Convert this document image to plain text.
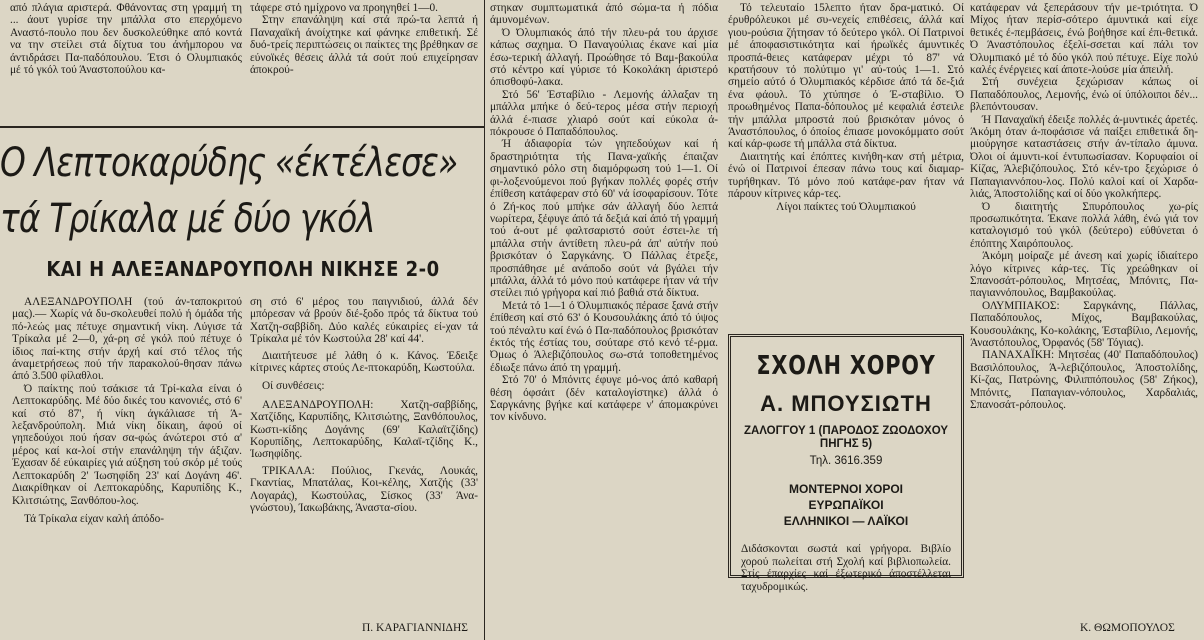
από πλάγια αριστερά. Φθάνοντας στη γραμμή τη ... άουτ γυρίσε την μπάλλα στο επερχόμενο Αναστό-πουλο που δεν δυσκολεύθηκε από κοντά να την στείλει στά δίχτυα του άνήμπορου να άντιδράσει Πα-παδόπουλου. Έτσι ό Ολυμπιακός μέ τό γκόλ τού Άναστοπούλου κα-

τάφερε στό ημίχρονο να προηγηθεί 1—0.

Στην επανάληψη καί στά πρώ-τα λεπτά ή Παναχαϊκή άνοίχτηκε καί φάνηκε επιθετική. Σέ δυό-τρείς περιπτώσεις οι παίκτες της βρέθηκαν σε εύνοϊκές θέσεις άλλά τά σούτ πού επιχείρησαν άποκρού-

Ο Λεπτοκαρύδης «έκτέλεσε»
τά Τρίκαλα μέ δύο γκόλ
ΚΑΙ Η ΑΛΕΞΑΝΔΡΟΥΠΟΛΗ ΝΙΚΗΣΕ 2-0

ΑΛΕΞΑΝΔΡΟΥΠΟΛΗ (τού άν-ταποκριτού μας).— Χωρίς νά δυ-σκολευθεί πολύ ή όμάδα τής πό-λεώς μας πέτυχε σημαντική νίκη. Λύγισε τά Τρίκαλα μέ 2—0, χά-ρη σέ γκόλ πού πέτυχε ό ίδιος παί-κτης στήν άρχή καί στό τέλος τής άναμετρήσεως πού τήν παρακολού-θησαν πάνω άπό 3.500 φίλαθλοι.

Ό παίκτης πού τσάκισε τά Τρί-καλα είναι ό Λεπτοκαρύδης. Μέ δύο δικές του κανονιές, στό 6' καί στό 87', ή νίκη άγκάλιασε τή Ά-λεξανδρούπολη. Μιά νίκη δίκαιη, άφού οί γηπεδούχοι πού ήσαν σα-φώς άνώτεροι στό α' μέρος καί κα-λοί στήν επανάληψη τήν άξιζαν. Έχασαν δέ εύκαιρίες γιά αύξηση τού σκόρ μέ τούς Λεπτοκαρύδη 2' Ίωσηφίδη 23' καί Δογάνη 46'. Διακρίθηκαν οί Λεπτοκαρύδης, Καρυπίδης Κ., Κλιτσιώτης, Ξανθόπου-λος.

Τά Τρίκαλα είχαν καλή άπόδο-

ση στό 6' μέρος του παιγνιδιού, άλλά δέν μπόρεσαν νά βρούν διέ-ξοδο πρός τά δίκτυα τού Χατζη-σαββίδη. Δύο καλές εύκαιρίες εί-χαν τά Τρίκαλα μέ τόν Κωστούλα 28' καί 44'.

Διαιτήτευσε μέ λάθη ό κ. Κάνος. Έδειξε κίτρινες κάρτες στούς Λε-πτοκαρύδη, Κωστούλα.

Οί συνθέσεις:

ΑΛΕΞΑΝΔΡΟΥΠΟΛΗ: Χατζη-σαββίδης, Χατζίδης, Καρυπίδης, Κλιτσιώτης, Ξανθόπουλος, Κωστι-κίδης Δογάνης (69' Καλαϊτζίδης) Κορυπίδης, Λεπτοκαρύδης, Καλαϊ-τζίδης Κ., Ίωσηφίδης.

ΤΡΙΚΑΛΑ: Πούλιος, Γκενάς, Λουκάς, Γκαντίας, Μπατάλας, Κοι-κέλης, Χατζής (33' Λογαράς), Κωστούλας, Σίσκος (33' Άνα-γνώστου), Ίακωβάκης, Άναστα-σίου.

Π. ΚΑΡΑΓΙΑΝΝΙΔΗΣ

στηκαν συμπτωματικά άπό σώμα-τα ή πόδια άμυνομένων.

Ό Όλυμπιακός άπό τήν πλευ-ρά του άρχισε κάπως σαχημα. Ό Παναγούλιας έκανε καί μία έσω-τερική άλλαγή. Προώθησε τό Βαμ-βακούλα στό κέντρο καί γύρισε τό Κοκολάκη άριστερό όπισθοφύ-λακα.

Στό 56' Έσταβίλιο - Λεμονής άλλαξαν τη μπάλλα μπήκε ό δεύ-τερος μέσα στήν περιοχή άλλά έ-πιασε χλιαρό σούτ καί εύκολα ά-πόκρουσε ό Παπαδόπουλος.

Ή άδιαφορία τών γηπεδούχων καί ή δραστηριότητα τής Πανα-χαϊκής έπαιζαν σημαντικό ρόλο στη διαμόρφωση τού 1—1. Οί φι-λοξενούμενοι πού βγήκαν πολλές φορές στήν έπίθεση κατάφεραν στό 60' νά ίσοφαρίσουν. Τότε ό Ζή-κος πού μπήκε σάν άλλαγή δύο λεπτά νωρίτερα, ξέφυγε άπό τά δεξιά καί άπό τή γραμμή τού ά-ουτ μέ φαλτσαριστό σούτ έστει-λε τή μπάλλα στήν άντίθετη πλευ-ρά άπ' αύτήν πού βρισκόταν ό Σαργκάνης. Ό Πάλλας έτρεξε, προσπάθησε μέ ανάποδο σούτ νά βγάλει τήν μπάλλα, άλλά τό μόνο πού κατάφερε ήταν νά τήν στείλει πιό γρήγορα καί πιό βαθιά στά δίκτυα.

Μετά τό 1—1 ό Όλυμπιακός πέρασε ξανά στήν έπίθεση καί στό 63' ό Κουσουλάκης άπό τό ύψος τού πέναλτυ καί ένώ ό Πα-παδόπουλος βρισκόταν έκτός τής έστίας του, σούταρε στό κενό τέ-ρμα. Όμως ό Άλεβιζόπουλος σω-στά τοποθετημένος έδιωξε πάνω άπό τη γραμμή.

Στό 70' ό Μπόνιτς έφυγε μό-νος άπό καθαρή θέση όφσάιτ (δέν καταλογίστηκε) άλλά ό Σαργκάνης βγήκε καί κατάφερε ν' άπομακρύνει τον κίνδυνο.

Τό τελευταίο 15λεπτο ήταν δρα-ματικό. Οί έρυθρόλευκοι μέ συ-νεχείς επιθέσεις, άλλά καί γιου-ρούσια ζήτησαν τό δεύτερο γκόλ. Οί Πατρινοί μέ άποφασιστικότητα καί ήρωϊκές άμυντικές προσπά-θειες κατάφεραν μέχρι τό 87' νά κρατήσουν τό πολύτιμο γι' αύ-τούς 1—1. Στό σημείο αύτό ό Όλυμπιακός κέρδισε άπό τά δε-ξιά ένα φάουλ. Τό χτύπησε ό Έ-σταβίλιο. Ό προωθημένος Παπα-δόπουλος μέ κεφαλιά έστειλε τήν μπάλλα μπροστά πού βρισκόταν μόνος ό Άναστόπουλος, ό όποίος έπιασε μονοκόμματο σούτ καί κάρ-φωσε τή μπάλλα στά δίκτυα.

Διαιτητής καί έπόπτες κινήθη-καν στή μέτρια, ένώ οί Πατρινοί έπεσαν πάνω τους καί διαμαρ-τυρήθηκαν. Τό μόνο πού κατάφε-ραν ήταν νά πάρουν κίτρινες κάρ-τες.

Λίγοι παίκτες τού Όλυμπιακού

ΣΧΟΛΗ ΧΟΡΟΥ
Α. ΜΠΟΥΣΙΩΤΗ
ΖΑΛΟΓΓΟΥ 1 (ΠΑΡΟΔΟΣ ΖΩΟΔΟΧΟΥ ΠΗΓΗΣ 5)
Τηλ. 3616.359
ΜΟΝΤΕΡΝΟΙ ΧΟΡΟΙ
ΕΥΡΩΠΑΪΚΟΙ
ΕΛΛΗΝΙΚΟΙ — ΛΑΪΚΟΙ
Διδάσκονται σωστά καί γρήγορα. Βιβλίο χορού πωλείται στή Σχολή καί βιβλιοπωλεία. Στίς έπαρχίες καί έξωτερικό άποστέλλεται ταχυδρομικώς.

κατάφεραν νά ξεπεράσουν τήν με-τριότητα. Ό Μίχος ήταν περίσ-σότερο άμυντικά καί είχε θετικές έ-πεμβάσεις, ένώ βοήθησε καί έπι-θετικά. Ό Άναστόπουλος έξελί-σσεται καί πάλι τον Όλυμπιακό μέ τό δύο γκόλ πού πέτυχε. Είχε πολύ καλές ένέργειες καί άποτε-λούσε μία άπειλή.

Στή συνέχεια ξεχώρισαν κάπως οί Παπαδόπουλος, Λεμονής, ένώ οί ύπόλοιποι δέν... βλεπόντουσαν.

Ή Παναχαϊκή έδειξε πολλές ά-μυντικές άρετές. Άκόμη όταν ά-ποφάσισε νά παίξει επιθετικά δη-μιούργησε καταστάσεις στήν άν-τίπαλο άμυνα. Όλοι οί άμυντι-κοί έντυπωσίασαν. Κορυφαίοι οί Κίζας, Άλεβιζόπουλος. Στό κέν-τρο ξεχώρισε ό Παπαγιαννόπου-λος. Πολύ καλοί καί οί Χαρδα-λιάς, Άποστολίδης καί οί δύο γκολκήπερς.

Ό διαιτητής Σπυρόπουλος χω-ρίς προσωπικότητα. Έκανε πολλά λάθη, ένώ γιά τον καταλογισμό τού γκόλ (δεύτερο) εύθύνεται ό έπόπτης Χαιρόπουλος.

Άκόμη μοίραζε μέ άνεση καί χωρίς ίδιαίτερο λόγο κίτρινες κάρ-τες. Τίς χρεώθηκαν οί Σπανοσάτ-ρόπουλος, Μητσέας, Μπόνιτς, Πα-παγιαννόπουλος, Βαμβακούλας.

ΟΛΥΜΠΙΑΚΟΣ: Σαργκάνης, Πάλλας, Παπαδόπουλος, Μίχος, Βαμβακούλας, Κουσουλάκης, Κο-κολάκης, Έσταβίλιο, Λεμονής, Άναστόπουλος, Όρφανός (58' Τόγιας).

ΠΑΝΑΧΑΪΚΗ: Μητσέας (40' Παπαδόπουλος) Βασιλόπουλος, Ά-λεβιζόπουλος, Άποστολίδης, Κί-ζας, Πατρώνης, Φιλιππόπουλος (58' Ζήκος), Μπόνιτς, Παπαγιαν-νόπουλος, Χαρδαλιάς, Σπανοσάτ-ρόπουλος.

Κ. ΘΩΜΟΠΟΥΛΟΣ
